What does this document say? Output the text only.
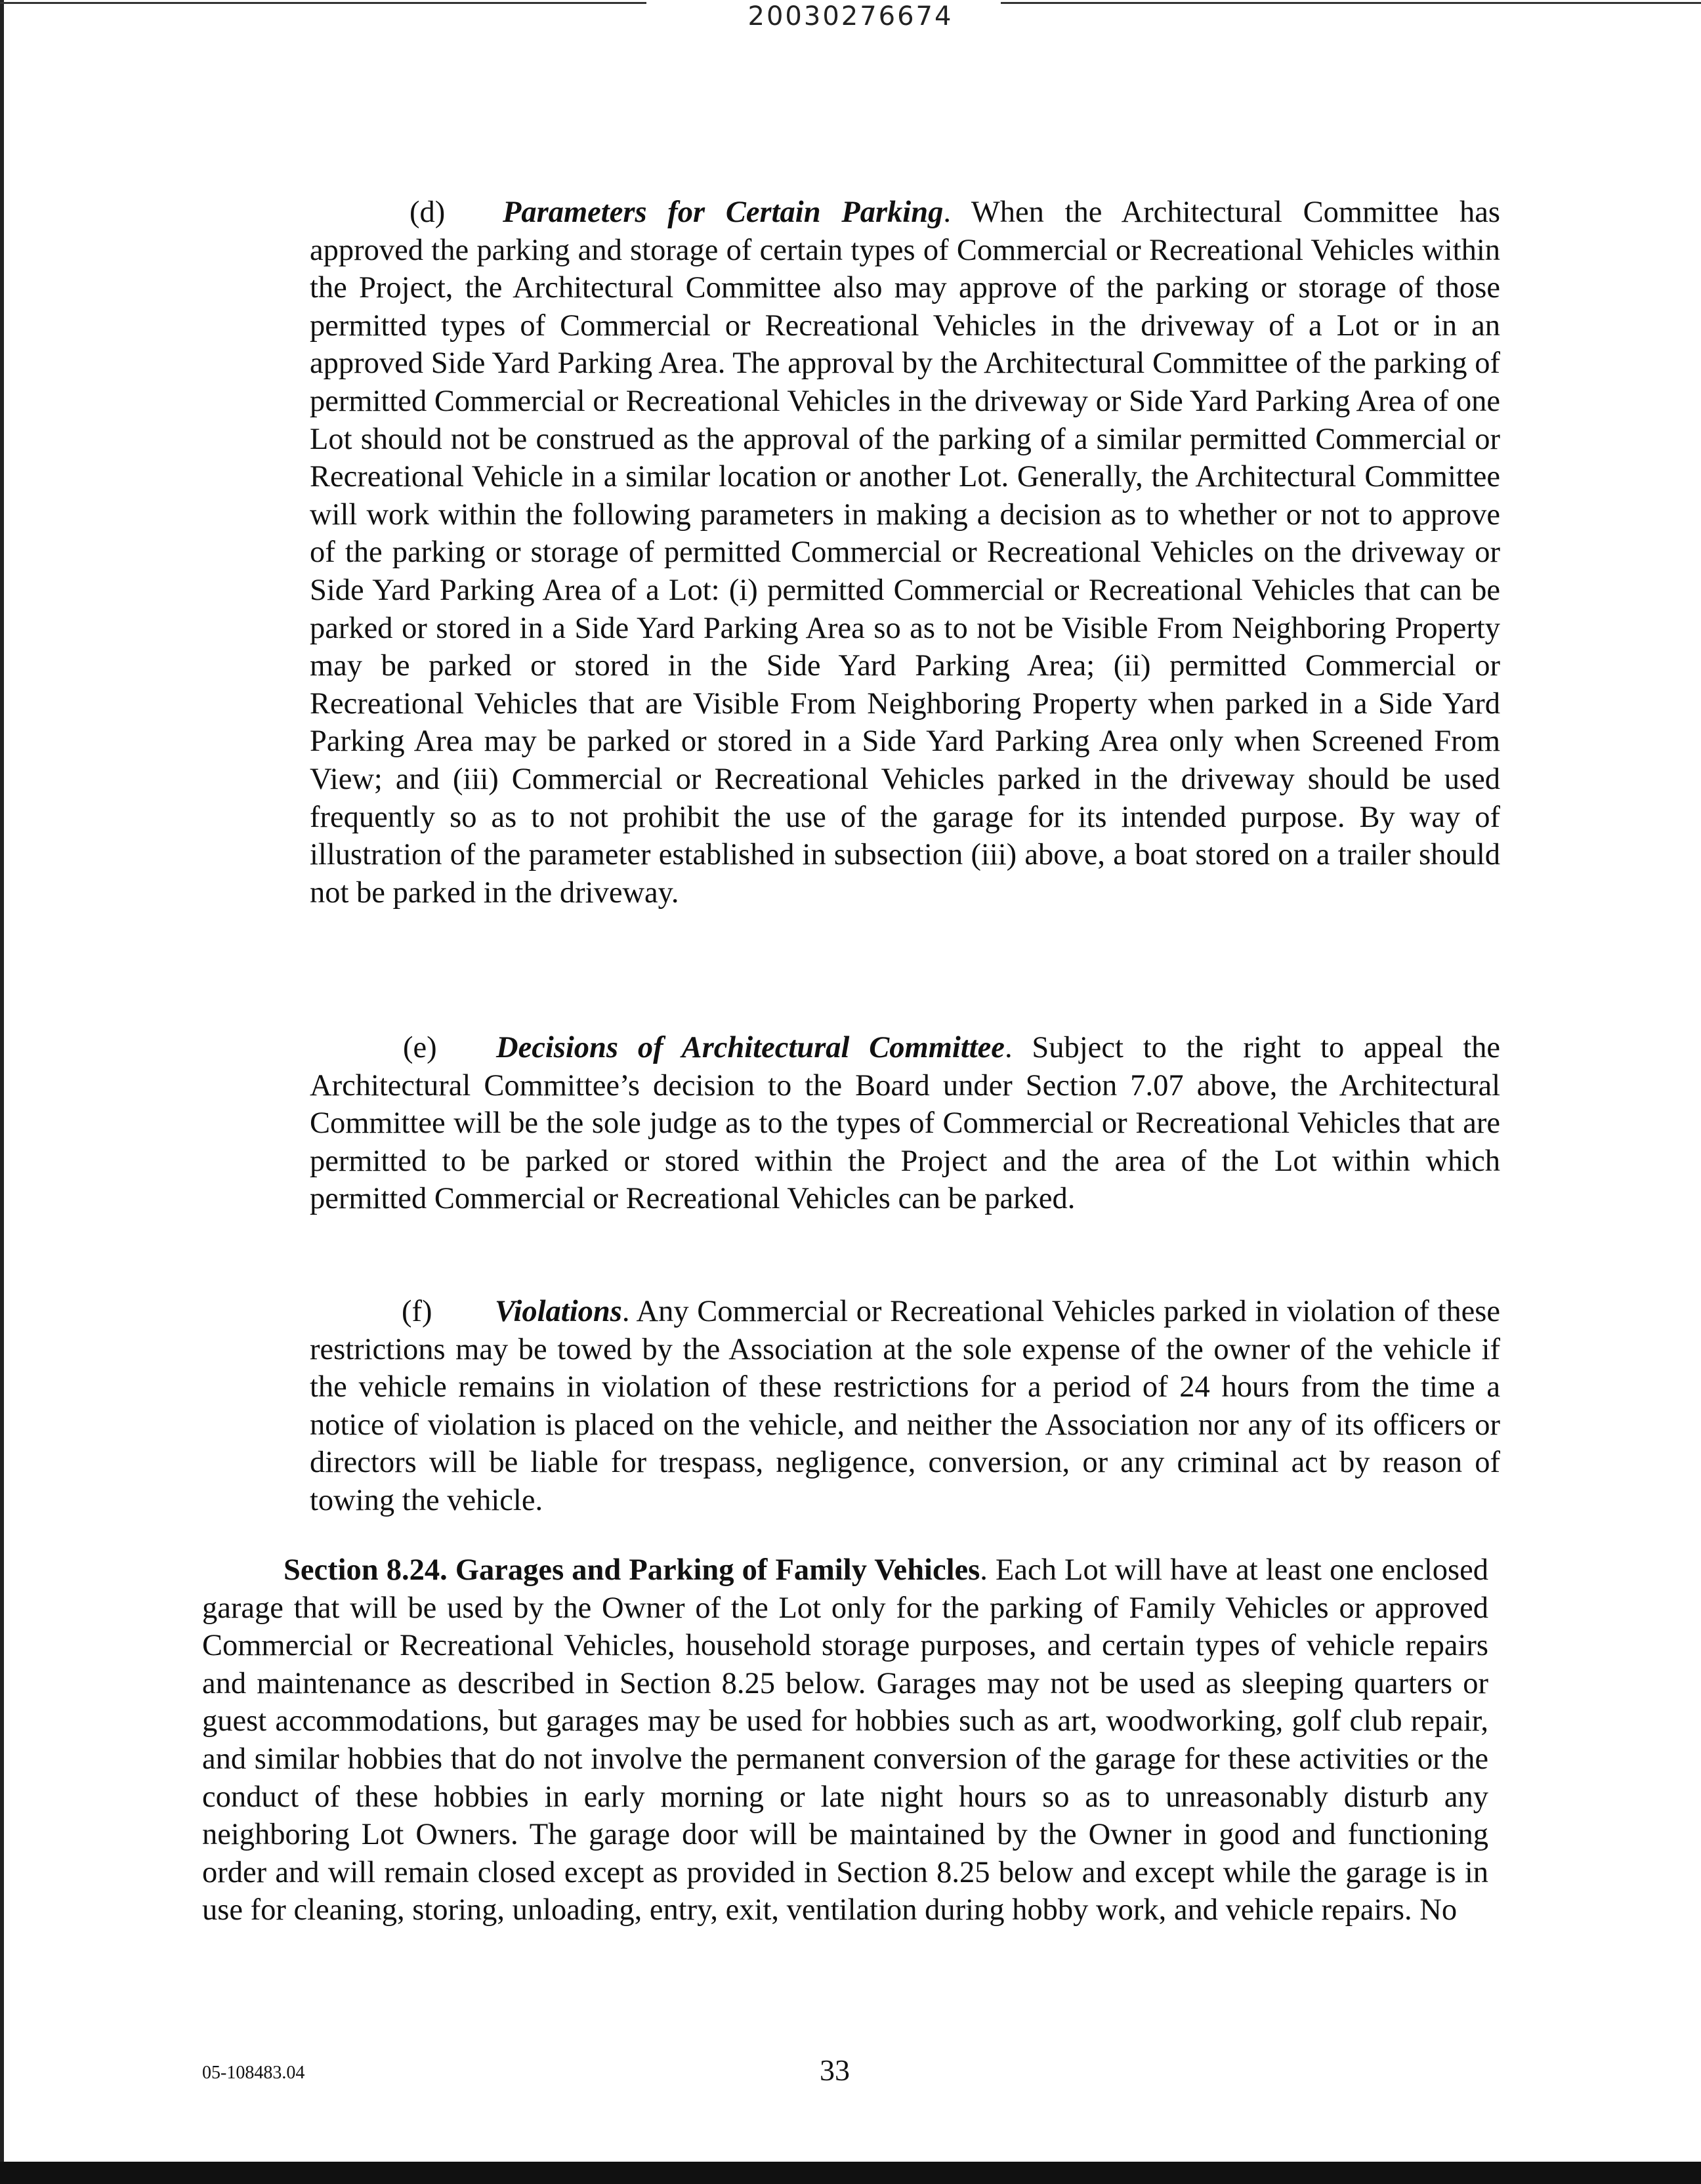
20030276674

(d) Parameters for Certain Parking. When the Architectural Committee has approved the parking and storage of certain types of Commercial or Recreational Vehicles within the Project, the Architectural Committee also may approve of the parking or storage of those permitted types of Commercial or Recreational Vehicles in the driveway of a Lot or in an approved Side Yard Parking Area. The approval by the Architectural Committee of the parking of permitted Commercial or Recreational Vehicles in the driveway or Side Yard Parking Area of one Lot should not be construed as the approval of the parking of a similar permitted Commercial or Recreational Vehicle in a similar location or another Lot. Generally, the Architectural Committee will work within the following parameters in making a decision as to whether or not to approve of the parking or storage of permitted Commercial or Recreational Vehicles on the driveway or Side Yard Parking Area of a Lot: (i) permitted Commercial or Recreational Vehicles that can be parked or stored in a Side Yard Parking Area so as to not be Visible From Neighboring Property may be parked or stored in the Side Yard Parking Area; (ii) permitted Commercial or Recreational Vehicles that are Visible From Neighboring Property when parked in a Side Yard Parking Area may be parked or stored in a Side Yard Parking Area only when Screened From View; and (iii) Commercial or Recreational Vehicles parked in the driveway should be used frequently so as to not prohibit the use of the garage for its intended purpose. By way of illustration of the parameter established in subsection (iii) above, a boat stored on a trailer should not be parked in the driveway.

(e) Decisions of Architectural Committee. Subject to the right to appeal the Architectural Committee’s decision to the Board under Section 7.07 above, the Architectural Committee will be the sole judge as to the types of Commercial or Recreational Vehicles that are permitted to be parked or stored within the Project and the area of the Lot within which permitted Commercial or Recreational Vehicles can be parked.

(f) Violations. Any Commercial or Recreational Vehicles parked in violation of these restrictions may be towed by the Association at the sole expense of the owner of the vehicle if the vehicle remains in violation of these restrictions for a period of 24 hours from the time a notice of violation is placed on the vehicle, and neither the Association nor any of its officers or directors will be liable for trespass, negligence, conversion, or any criminal act by reason of towing the vehicle.

Section 8.24. Garages and Parking of Family Vehicles. Each Lot will have at least one enclosed garage that will be used by the Owner of the Lot only for the parking of Family Vehicles or approved Commercial or Recreational Vehicles, household storage purposes, and certain types of vehicle repairs and maintenance as described in Section 8.25 below. Garages may not be used as sleeping quarters or guest accommodations, but garages may be used for hobbies such as art, woodworking, golf club repair, and similar hobbies that do not involve the permanent conversion of the garage for these activities or the conduct of these hobbies in early morning or late night hours so as to unreasonably disturb any neighboring Lot Owners. The garage door will be maintained by the Owner in good and functioning order and will remain closed except as provided in Section 8.25 below and except while the garage is in use for cleaning, storing, unloading, entry, exit, ventilation during hobby work, and vehicle repairs. No

05-108483.04	33
